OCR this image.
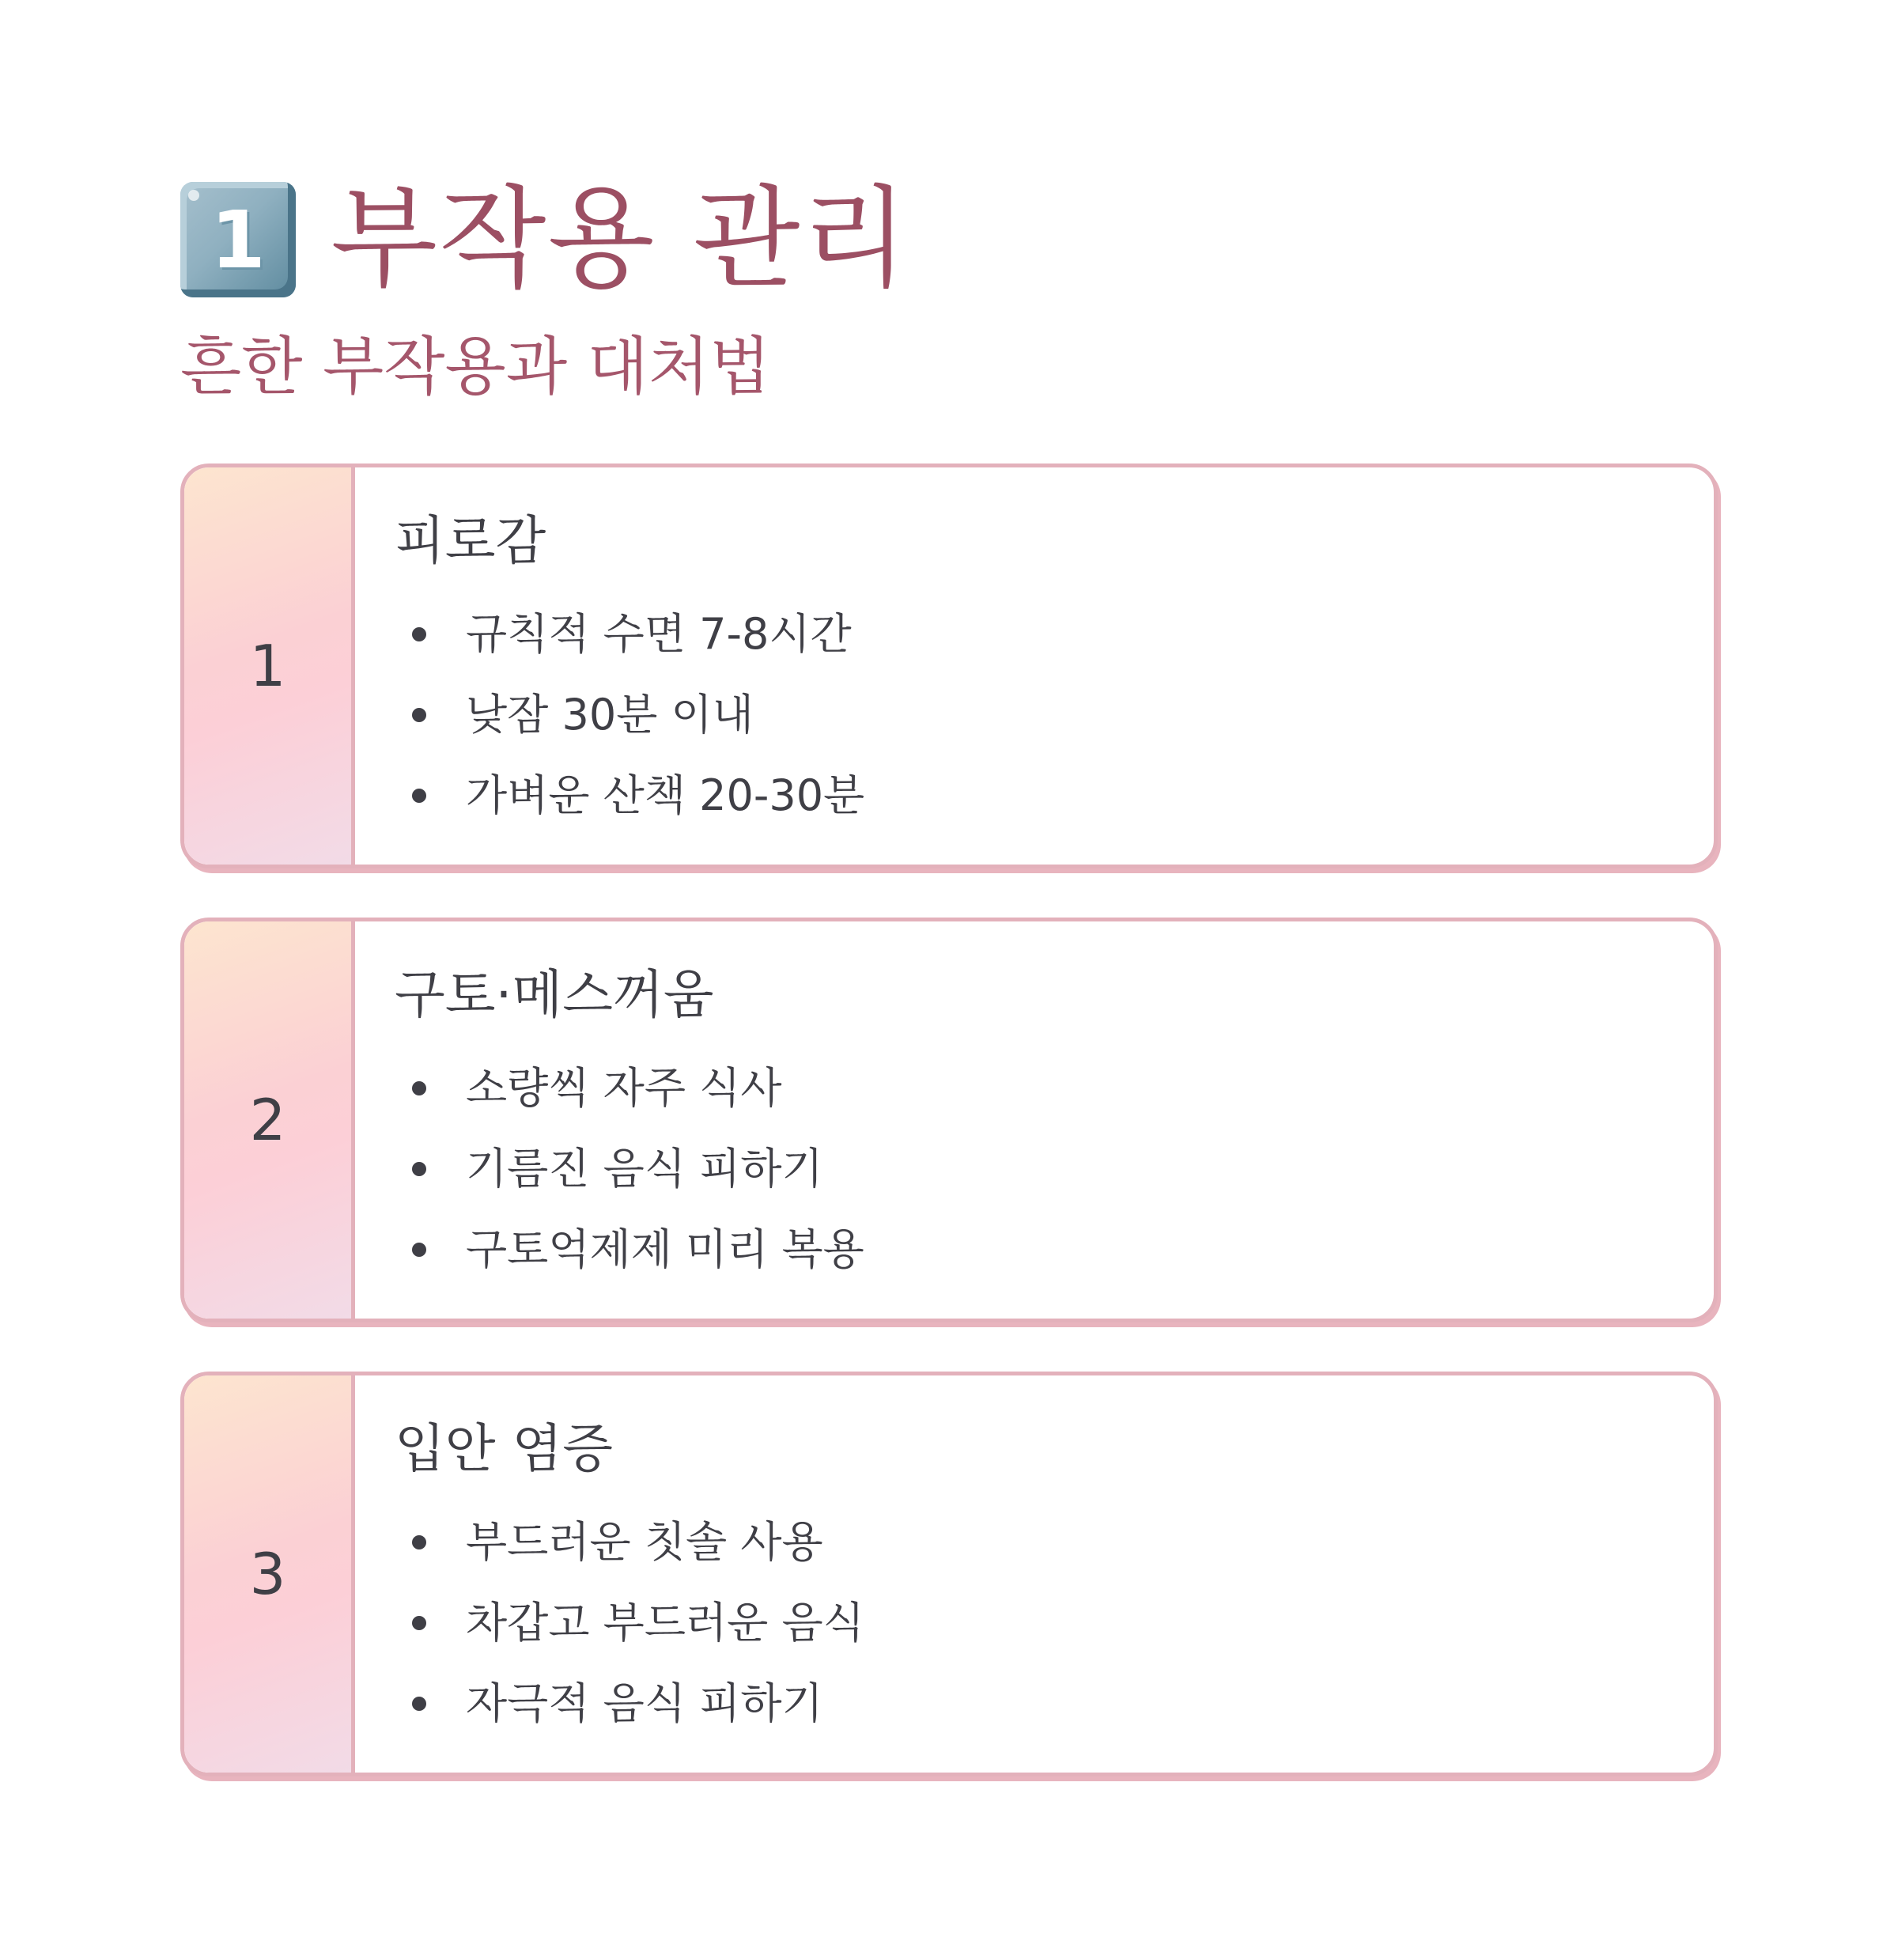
1 부작용 관리
흔한 부작용과 대처법
1
피로감
규칙적 수면 7-8시간
낮잠 30분 이내
가벼운 산책 20-30분
2
구토·메스꺼움
소량씩 자주 식사
기름진 음식 피하기
구토억제제 미리 복용
3
입안 염증
부드러운 칫솔 사용
차갑고 부드러운 음식
자극적 음식 피하기
